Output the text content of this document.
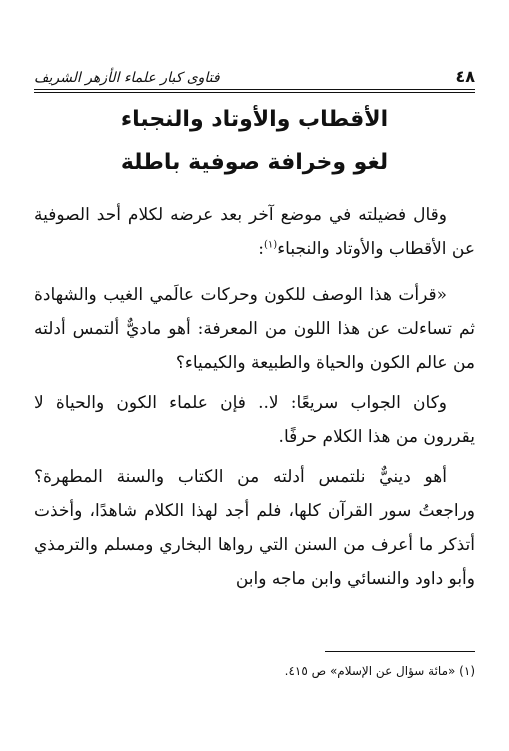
٤٨
فتاوى كبار علماء الأزهر الشريف
الأقطاب والأوتاد والنجباء
لغو وخرافة صوفية باطلة

وقال فضيلته في موضع آخر بعد عرضه لكلام أحد الصوفية عن الأقطاب والأوتاد والنجباء$^{(١)}$:

«قرأت هذا الوصف للكون وحركات عالَمي الغيب والشهادة ثم تساءلت عن هذا اللون من المعرفة: أهو ماديٌّ ألتمس أدلته من عالم الكون والحياة والطبيعة والكيمياء؟

وكان الجواب سريعًا: لا.. فإن علماء الكون والحياة لا يقررون من هذا الكلام حرفًا.

أهو دينيٌّ نلتمس أدلته من الكتاب والسنة المطهرة؟ وراجعتُ سور القرآن كلها، فلم أجد لهذا الكلام شاهدًا، وأخذت أتذكر ما أعرف من السنن التي رواها البخاري ومسلم والترمذي وأبو داود والنسائي وابن ماجه وابن

(١) «مائة سؤال عن الإسلام» ص ٤١٥.
